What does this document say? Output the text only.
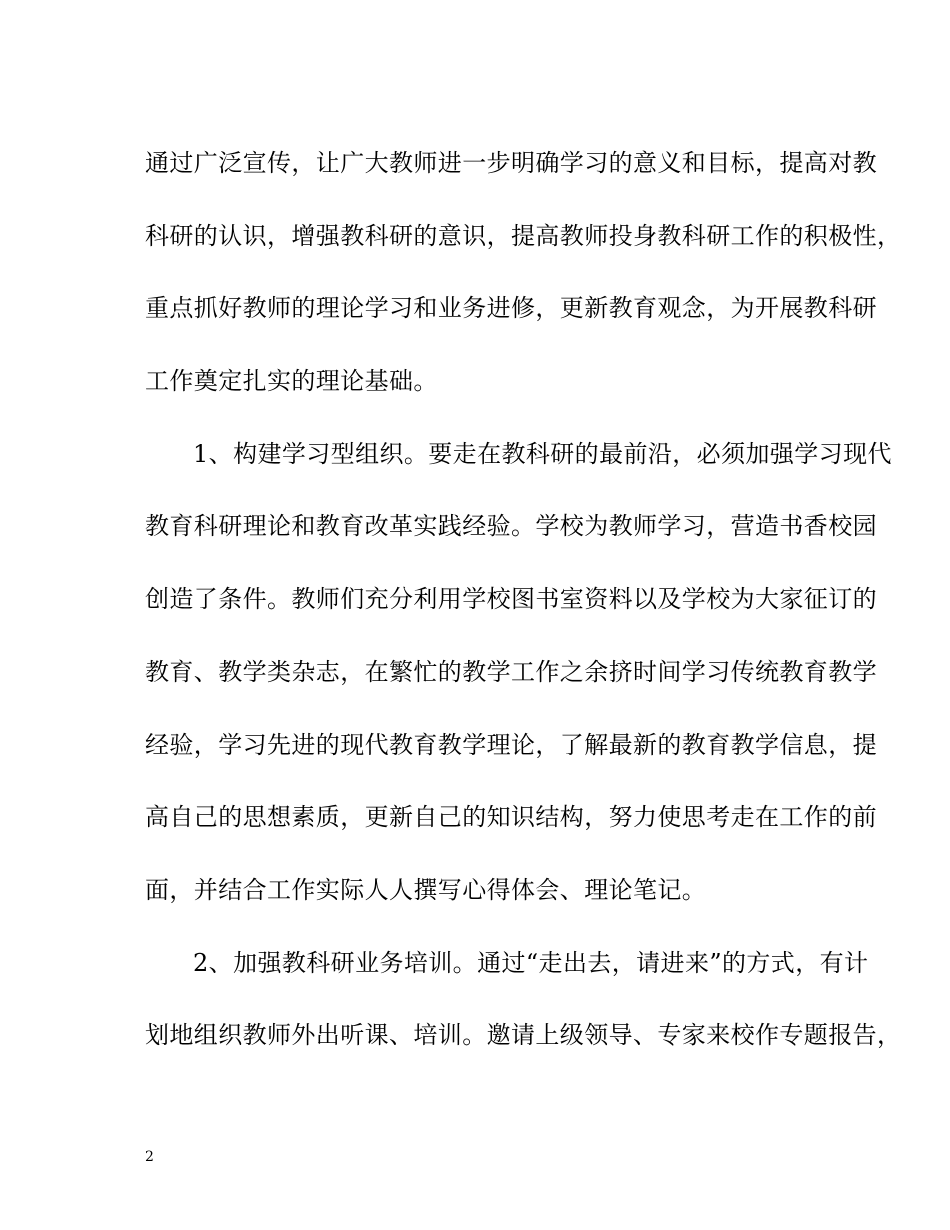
通过广泛宣传，让广大教师进一步明确学习的意义和目标，提高对教
科研的认识，增强教科研的意识，提高教师投身教科研工作的积极性，
重点抓好教师的理论学习和业务进修，更新教育观念，为开展教科研
工作奠定扎实的理论基础。
1、构建学习型组织。要走在教科研的最前沿，必须加强学习现代
教育科研理论和教育改革实践经验。学校为教师学习，营造书香校园
创造了条件。教师们充分利用学校图书室资料以及学校为大家征订的
教育、教学类杂志，在繁忙的教学工作之余挤时间学习传统教育教学
经验，学习先进的现代教育教学理论，了解最新的教育教学信息，提
高自己的思想素质，更新自己的知识结构，努力使思考走在工作的前
面，并结合工作实际人人撰写心得体会、理论笔记。
2、加强教科研业务培训。通过“走出去，请进来”的方式，有计
划地组织教师外出听课、培训。邀请上级领导、专家来校作专题报告，
2
